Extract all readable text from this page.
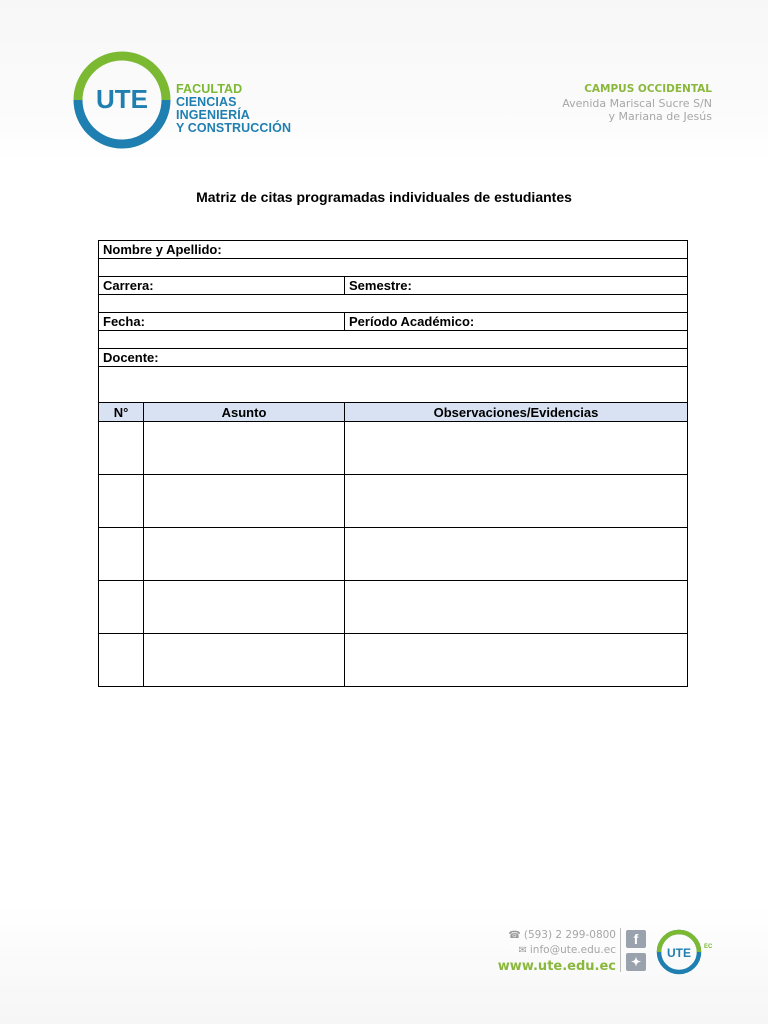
UTE FACULTAD
CIENCIAS
INGENIERÍA
Y CONSTRUCCIÓN
CAMPUS OCCIDENTAL
Avenida Mariscal Sucre S/N
y Mariana de Jesús
Matriz de citas programadas individuales de estudiantes
Nombre y Apellido:		

Carrera:		Semestre:

Fecha:		Período Académico:

Docente:		

N°	Asunto	Observaciones/Evidencias

☎ (593) 2 299-0800
✉ info@ute.edu.ec
www.ute.edu.ec
f
✦
UTE EC
